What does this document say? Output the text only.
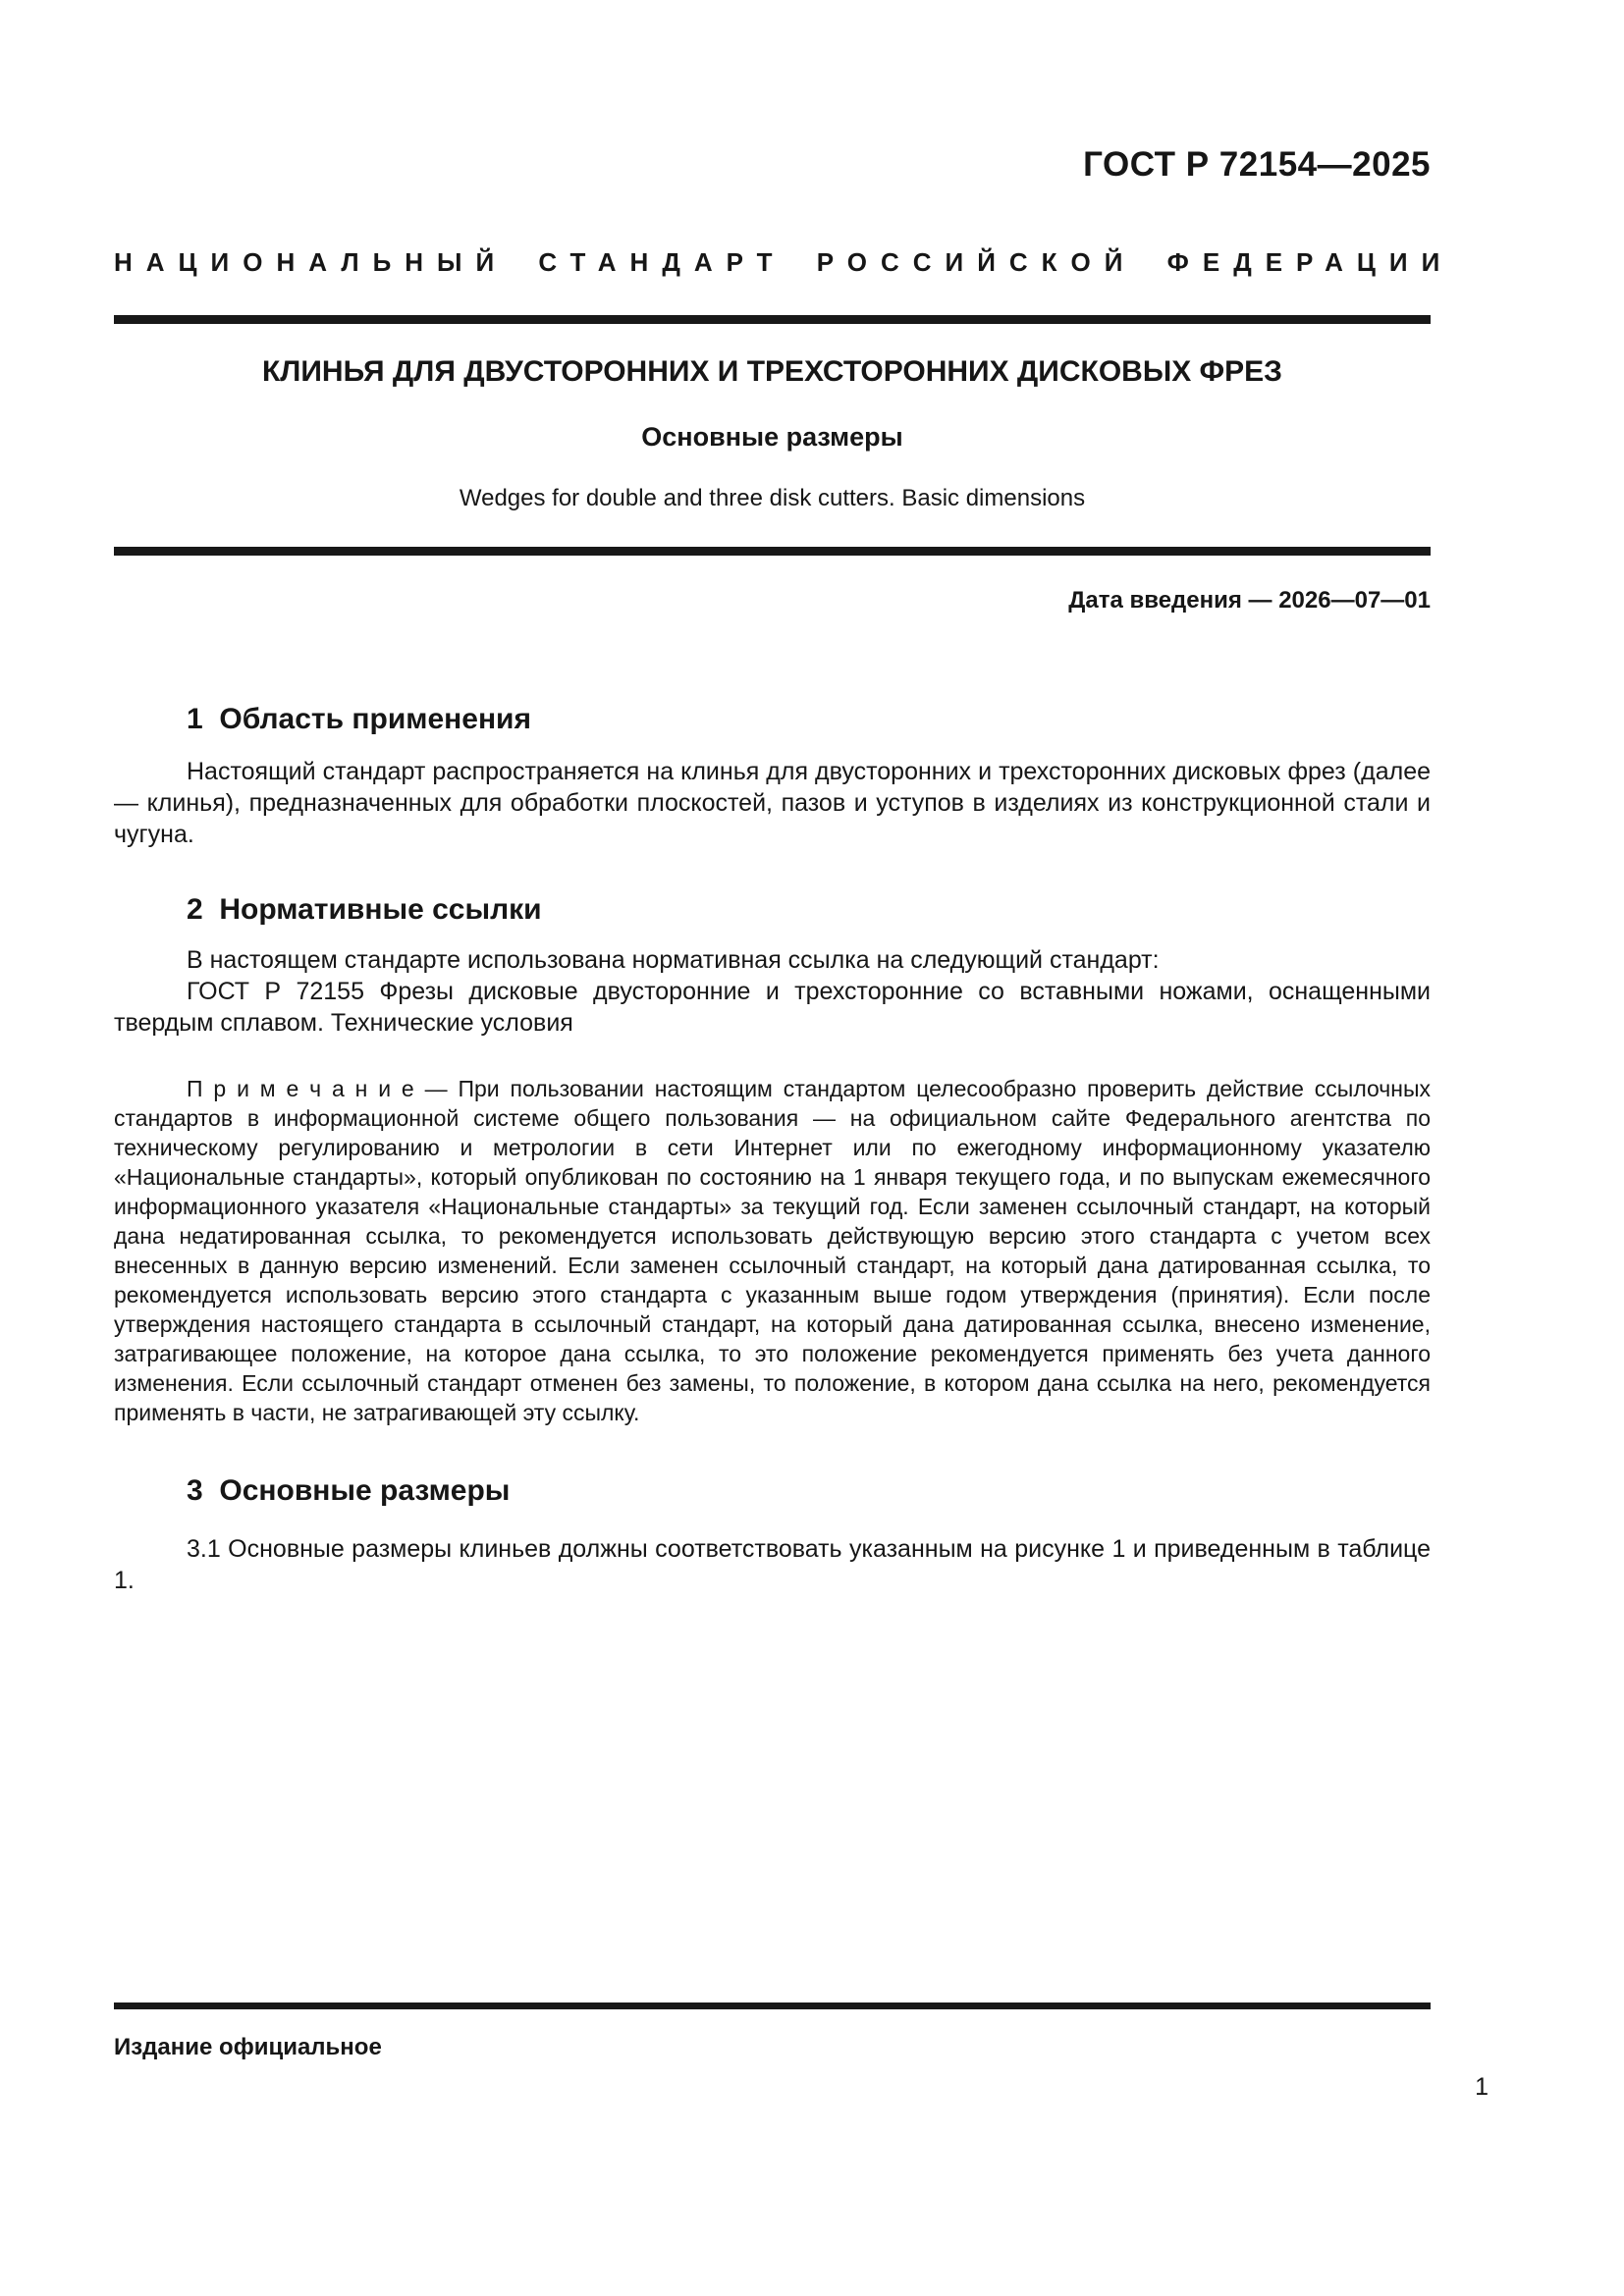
ГОСТ Р 72154—2025
НАЦИОНАЛЬНЫЙ СТАНДАРТ РОССИЙСКОЙ ФЕДЕРАЦИИ
КЛИНЬЯ ДЛЯ ДВУСТОРОННИХ И ТРЕХСТОРОННИХ ДИСКОВЫХ ФРЕЗ
Основные размеры
Wedges for double and three disk cutters. Basic dimensions
Дата введения — 2026—07—01
1  Область применения

Настоящий стандарт распространяется на клинья для двусторонних и трехсторонних дисковых фрез (далее — клинья), предназначенных для обработки плоскостей, пазов и уступов в изделиях из конструкционной стали и чугуна.

2  Нормативные ссылки

В настоящем стандарте использована нормативная ссылка на следующий стандарт:

ГОСТ Р 72155 Фрезы дисковые двусторонние и трехсторонние со вставными ножами, оснащенными твердым сплавом. Технические условия

П р и м е ч а н и е — При пользовании настоящим стандартом целесообразно проверить действие ссылочных стандартов в информационной системе общего пользования — на официальном сайте Федерального агентства по техническому регулированию и метрологии в сети Интернет или по ежегодному информационному указателю «Национальные стандарты», который опубликован по состоянию на 1 января текущего года, и по выпускам ежемесячного информационного указателя «Национальные стандарты» за текущий год. Если заменен ссылочный стандарт, на который дана недатированная ссылка, то рекомендуется использовать действующую версию этого стандарта с учетом всех внесенных в данную версию изменений. Если заменен ссылочный стандарт, на который дана датированная ссылка, то рекомендуется использовать версию этого стандарта с указанным выше годом утверждения (принятия). Если после утверждения настоящего стандарта в ссылочный стандарт, на который дана датированная ссылка, внесено изменение, затрагивающее положение, на которое дана ссылка, то это положение рекомендуется применять без учета данного изменения. Если ссылочный стандарт отменен без замены, то положение, в котором дана ссылка на него, рекомендуется применять в части, не затрагивающей эту ссылку.

3  Основные размеры

3.1 Основные размеры клиньев должны соответствовать указанным на рисунке 1 и приведенным в таблице 1.

Издание официальное
1
